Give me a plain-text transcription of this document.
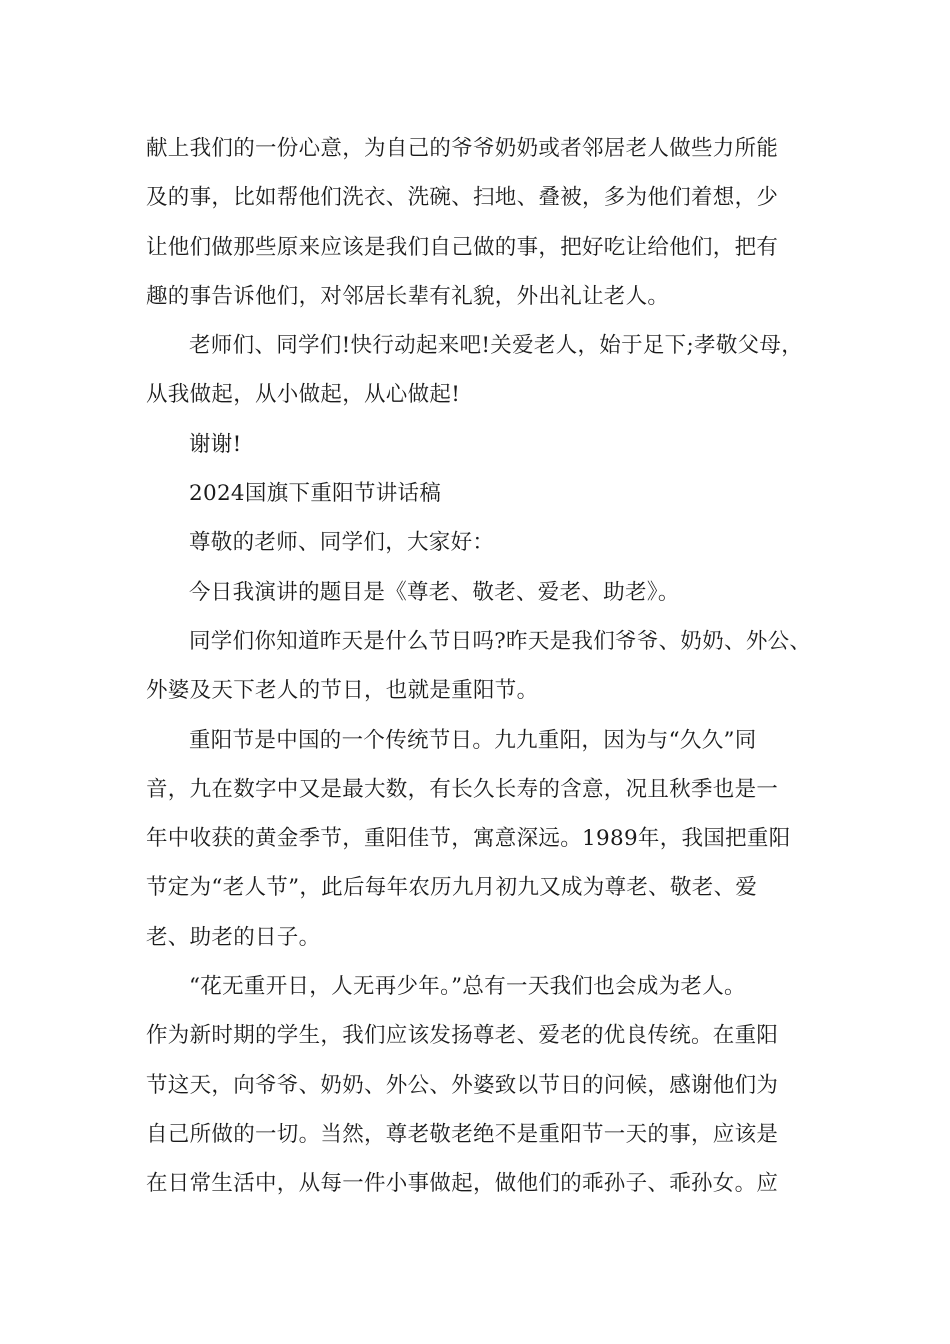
献上我们的一份心意，为自己的爷爷奶奶或者邻居老人做些力所能
及的事，比如帮他们洗衣、洗碗、扫地、叠被，多为他们着想，少
让他们做那些原来应该是我们自己做的事，把好吃让给他们，把有
趣的事告诉他们，对邻居长辈有礼貌，外出礼让老人。
老师们、同学们!快行动起来吧!关爱老人，始于足下;孝敬父母，
从我做起，从小做起，从心做起!
谢谢!
2024国旗下重阳节讲话稿
尊敬的老师、同学们，大家好：
今日我演讲的题目是《尊老、敬老、爱老、助老》。
同学们你知道昨天是什么节日吗?昨天是我们爷爷、奶奶、外公、
外婆及天下老人的节日，也就是重阳节。
重阳节是中国的一个传统节日。九九重阳，因为与“久久”同
音，九在数字中又是最大数，有长久长寿的含意，况且秋季也是一
年中收获的黄金季节，重阳佳节，寓意深远。1989年，我国把重阳
节定为“老人节”，此后每年农历九月初九又成为尊老、敬老、爱
老、助老的日子。
“花无重开日，人无再少年。”总有一天我们也会成为老人。
作为新时期的学生，我们应该发扬尊老、爱老的优良传统。在重阳
节这天，向爷爷、奶奶、外公、外婆致以节日的问候，感谢他们为
自己所做的一切。当然，尊老敬老绝不是重阳节一天的事，应该是
在日常生活中，从每一件小事做起，做他们的乖孙子、乖孙女。应
